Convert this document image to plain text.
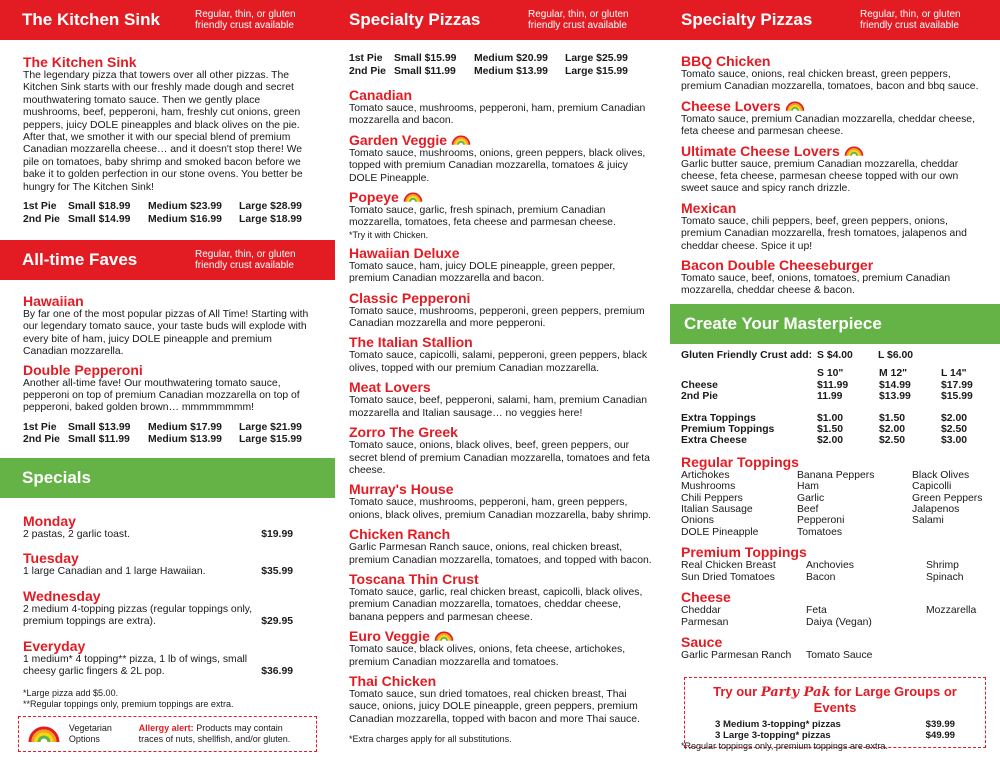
The Kitchen Sink	Regular, thin, or gluten friendly crust available
The Kitchen Sink
The legendary pizza that towers over all other pizzas. The Kitchen Sink starts with our freshly made dough and secret mouthwatering tomato sauce. Then we gently place mushrooms, beef, pepperoni, ham, freshly cut onions, green peppers, juicy DOLE pineapples and black olives on the pie. After that, we smother it with our special blend of premium Canadian mozzarella cheese… and it doesn't stop there! We pile on tomatoes, baby shrimp and smoked bacon before we bake it to golden perfection in our stone ovens. You better be hungry for The Kitchen Sink!
1st Pie	Small $18.99	Medium $23.99	Large $28.99
2nd Pie Small $14.99	Medium $16.99	Large $18.99
All-time Faves	Regular, thin, or gluten friendly crust available
Hawaiian
By far one of the most popular pizzas of All Time! Starting with our legendary tomato sauce, your taste buds will explode with every bite of ham, juicy DOLE pineapple and premium Canadian mozzarella.
Double Pepperoni
Another all-time fave! Our mouthwatering tomato sauce, pepperoni on top of premium Canadian mozzarella on top of pepperoni, baked golden brown… mmmmmmmm!
1st Pie	Small $13.99	Medium $17.99	Large $21.99
2nd Pie Small $11.99	Medium $13.99	Large $15.99
Specials
Monday
2 pastas, 2 garlic toast.	$19.99
Tuesday
1 large Canadian and 1 large Hawaiian.	$35.99
Wednesday
2 medium 4-topping pizzas (regular toppings only, premium toppings are extra).	$29.95
Everyday
1 medium* 4 topping** pizza, 1 lb of wings, small cheesy garlic fingers & 2L pop.	$36.99
*Large pizza add $5.00.
**Regular toppings only, premium toppings are extra.
Vegetarian Options
Allergy alert: Products may contain traces of nuts, shellfish, and/or gluten.
Specialty Pizzas	Regular, thin, or gluten friendly crust available
1st Pie	Small $15.99	Medium $20.99	Large $25.99
2nd Pie Small $11.99	Medium $13.99	Large $15.99
Canadian
Tomato sauce, mushrooms, pepperoni, ham, premium Canadian mozzarella and bacon.
Garden Veggie
Tomato sauce, mushrooms, onions, green peppers, black olives, topped with premium Canadian mozzarella, tomatoes & juicy DOLE Pineapple.
Popeye
Tomato sauce, garlic, fresh spinach, premium Canadian mozzarella, tomatoes, feta cheese and parmesan cheese.
*Try it with Chicken.
Hawaiian Deluxe
Tomato sauce, ham, juicy DOLE pineapple, green pepper, premium Canadian mozzarella and bacon.
Classic Pepperoni
Tomato sauce, mushrooms, pepperoni, green peppers, premium Canadian mozzarella and more pepperoni.
The Italian Stallion
Tomato sauce, capicolli, salami, pepperoni, green peppers, black olives, topped with our premium Canadian mozzarella.
Meat Lovers
Tomato sauce, beef, pepperoni, salami, ham, premium Canadian mozzarella and Italian sausage… no veggies here!
Zorro The Greek
Tomato sauce, onions, black olives, beef, green peppers, our secret blend of premium Canadian mozzarella, tomatoes and feta cheese.
Murray's House
Tomato sauce, mushrooms, pepperoni, ham, green peppers, onions, black olives, premium Canadian mozzarella, baby shrimp.
Chicken Ranch
Garlic Parmesan Ranch sauce, onions, real chicken breast, premium Canadian mozzarella, tomatoes, and topped with bacon.
Toscana Thin Crust
Tomato sauce, garlic, real chicken breast, capicolli, black olives, premium Canadian mozzarella, tomatoes, cheddar cheese, banana peppers and parmesan cheese.
Euro Veggie
Tomato sauce, black olives, onions, feta cheese, artichokes, premium Canadian mozzarella and tomatoes.
Thai Chicken
Tomato sauce, sun dried tomatoes, real chicken breast, Thai sauce, onions, juicy DOLE pineapple, green peppers, premium Canadian mozzarella, topped with bacon and more Thai sauce.
*Extra charges apply for all substitutions.
Specialty Pizzas	Regular, thin, or gluten friendly crust available
BBQ Chicken
Tomato sauce, onions, real chicken breast, green peppers, premium Canadian mozzarella, tomatoes, bacon and bbq sauce.
Cheese Lovers
Tomato sauce, premium Canadian mozzarella, cheddar cheese, feta cheese and parmesan cheese.
Ultimate Cheese Lovers
Garlic butter sauce, premium Canadian mozzarella, cheddar cheese, feta cheese, parmesan cheese topped with our own sweet sauce and spicy ranch drizzle.
Mexican
Tomato sauce, chili peppers, beef, green peppers, onions, premium Canadian mozzarella, fresh tomatoes, jalapenos and cheddar cheese. Spice it up!
Bacon Double Cheeseburger
Tomato sauce, beef, onions, tomatoes, premium Canadian mozzarella, cheddar cheese & bacon.
Create Your Masterpiece
Gluten Friendly Crust add: S $4.00	L $6.00
S 10"	M 12"	L 14"
Cheese	$11.99	$14.99	$17.99
2nd Pie	11.99	$13.99	$15.99
Extra Toppings	$1.00	$1.50	$2.00
Premium Toppings	$1.50	$2.00	$2.50
Extra Cheese	$2.00	$2.50	$3.00
Regular Toppings
Artichokes	Banana Peppers	Black Olives
Mushrooms	Ham	Capicolli
Chili Peppers	Garlic	Green Peppers
Italian Sausage	Beef	Jalapenos
Onions	Pepperoni	Salami
DOLE Pineapple	Tomatoes
Premium Toppings
Real Chicken Breast	Anchovies	Shrimp
Sun Dried Tomatoes	Bacon	Spinach
Cheese
Cheddar	Feta	Mozzarella
Parmesan	Daiya (Vegan)
Sauce
Garlic Parmesan Ranch	Tomato Sauce
Try our Party Pak for Large Groups or Events
3 Medium 3-topping* pizzas	$39.99
3 Large 3-topping* pizzas	$49.99
*Regular toppings only, premium toppings are extra.
